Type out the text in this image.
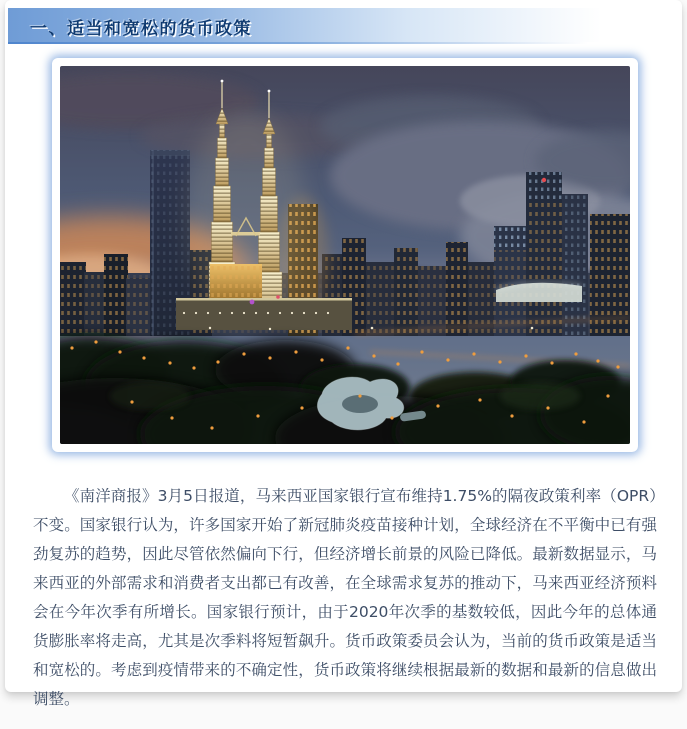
一、适当和宽松的货币政策

《南洋商报》3月5日报道，马来西亚国家银行宣布维持1.75%的隔夜政策利率（OPR）不变。国家银行认为，许多国家开始了新冠肺炎疫苗接种计划，全球经济在不平衡中已有强劲复苏的趋势，因此尽管依然偏向下行，但经济增长前景的风险已降低。最新数据显示，马来西亚的外部需求和消费者支出都已有改善，在全球需求复苏的推动下，马来西亚经济预料会在今年次季有所增长。国家银行预计，由于2020年次季的基数较低，因此今年的总体通货膨胀率将走高，尤其是次季料将短暂飙升。货币政策委员会认为，当前的货币政策是适当和宽松的。考虑到疫情带来的不确定性，货币政策将继续根据最新的数据和最新的信息做出调整。
